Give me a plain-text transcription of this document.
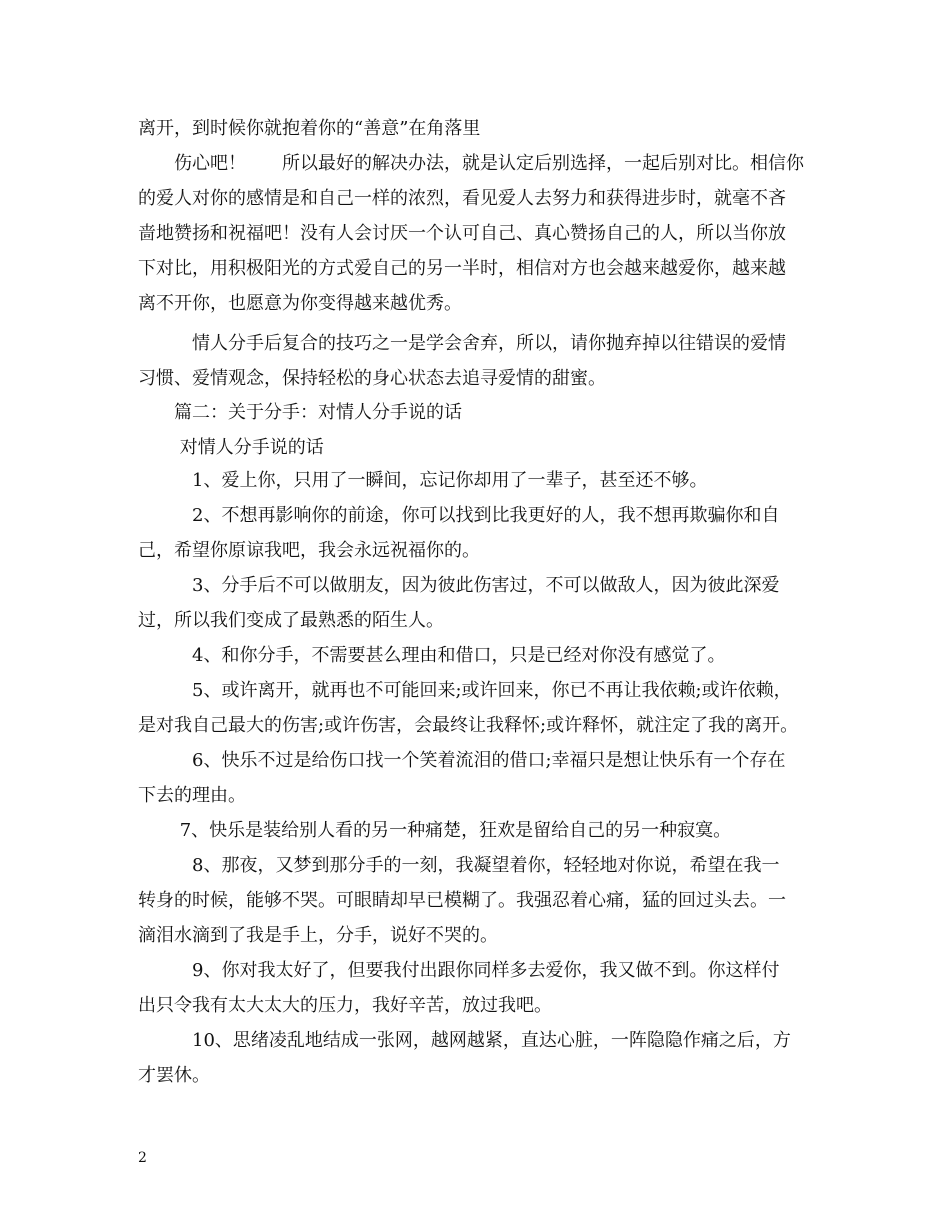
离开，到时候你就抱着你的“善意”在角落里
　　伤心吧！　　所以最好的解决办法，就是认定后别选择，一起后别对比。相信你
的爱人对你的感情是和自己一样的浓烈，看见爱人去努力和获得进步时，就毫不吝
啬地赞扬和祝福吧！没有人会讨厌一个认可自己、真心赞扬自己的人，所以当你放
下对比，用积极阳光的方式爱自己的另一半时，相信对方也会越来越爱你，越来越
离不开你，也愿意为你变得越来越优秀。
　　　情人分手后复合的技巧之一是学会舍弃，所以，请你抛弃掉以往错误的爱情
习惯、爱情观念，保持轻松的身心状态去追寻爱情的甜蜜。
　　篇二：关于分手：对情人分手说的话
　　 对情人分手说的话
　　　1、爱上你，只用了一瞬间，忘记你却用了一辈子，甚至还不够。
　　　2、不想再影响你的前途，你可以找到比我更好的人，我不想再欺骗你和自
己，希望你原谅我吧，我会永远祝福你的。
　　　3、分手后不可以做朋友，因为彼此伤害过，不可以做敌人，因为彼此深爱
过，所以我们变成了最熟悉的陌生人。
　　　4、和你分手，不需要甚么理由和借口，只是已经对你没有感觉了。
　　　5、或许离开，就再也不可能回来;或许回来，你已不再让我依赖;或许依赖，
是对我自己最大的伤害;或许伤害，会最终让我释怀;或许释怀，就注定了我的离开。
　　　6、快乐不过是给伤口找一个笑着流泪的借口;幸福只是想让快乐有一个存在
下去的理由。
　　 7、快乐是装给别人看的另一种痛楚，狂欢是留给自己的另一种寂寞。
　　　8、那夜，又梦到那分手的一刻，我凝望着你，轻轻地对你说，希望在我一
转身的时候，能够不哭。可眼睛却早已模糊了。我强忍着心痛，猛的回过头去。一
滴泪水滴到了我是手上，分手，说好不哭的。
　　　9、你对我太好了，但要我付出跟你同样多去爱你，我又做不到。你这样付
出只令我有太大太大的压力，我好辛苦，放过我吧。
　　　10、思绪凌乱地结成一张网，越网越紧，直达心脏，一阵隐隐作痛之后，方
才罢休。
2
